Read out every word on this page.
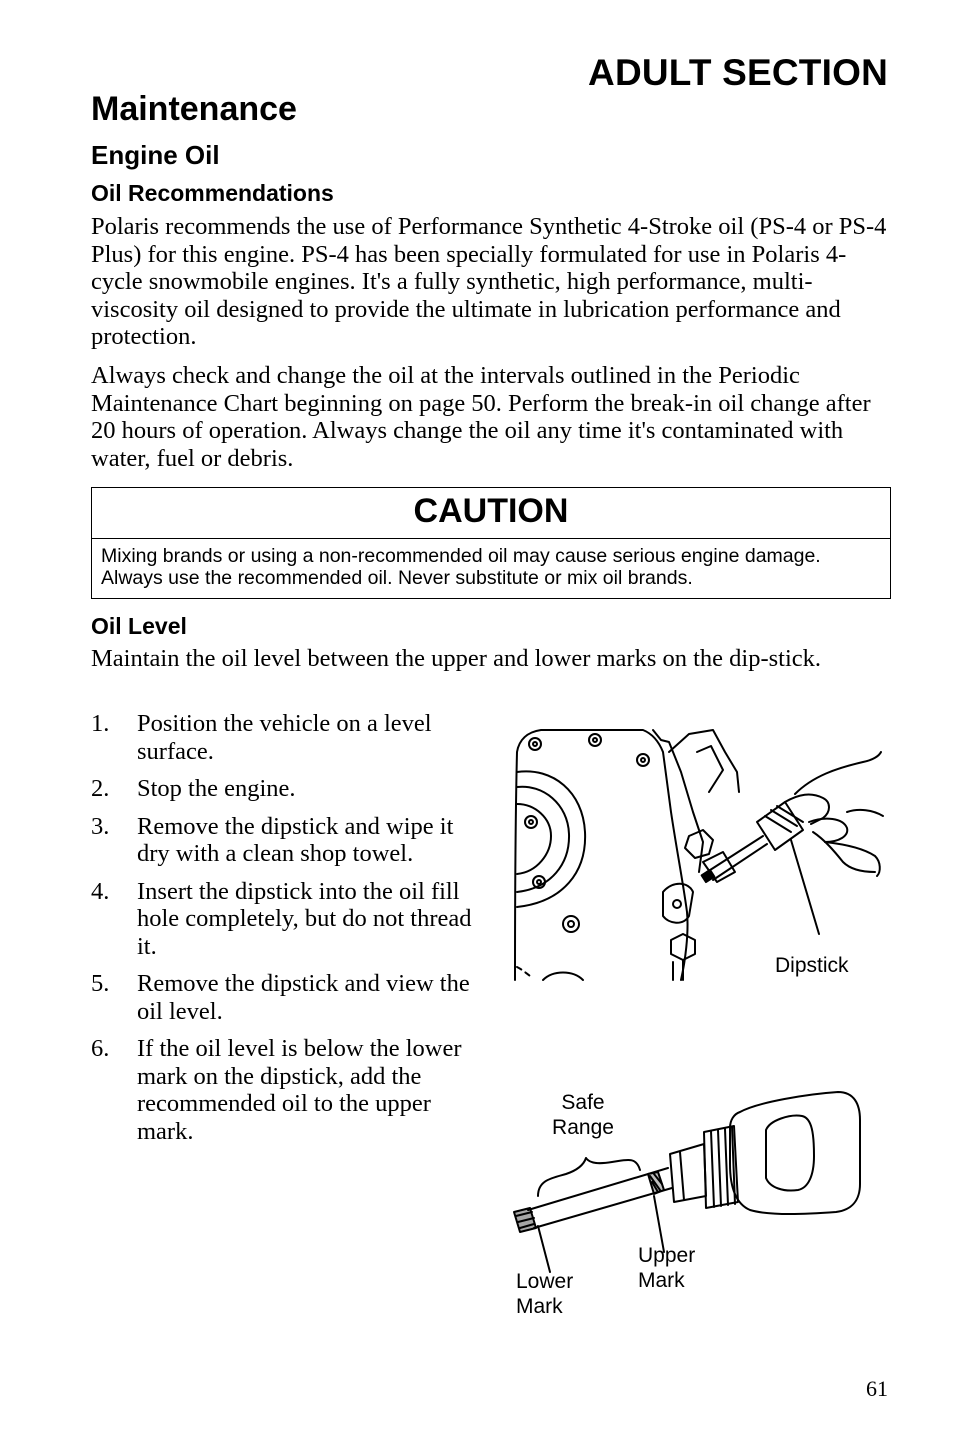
ADULT SECTION
Maintenance
Engine Oil
Oil Recommendations
Polaris recommends the use of Performance Synthetic 4-Stroke oil (PS-4 or PS-4 Plus) for this engine. PS-4 has been specially formulated for use in Polaris 4-cycle snowmobile engines. It's a fully synthetic, high performance, multi-viscosity oil designed to provide the ultimate in lubrication performance and protection.
Always check and change the oil at the intervals outlined in the Periodic Maintenance Chart beginning on page 50. Perform the break-in oil change after 20 hours of operation. Always change the oil any time it's contaminated with water, fuel or debris.
CAUTION
Mixing brands or using a non-recommended oil may cause serious engine damage. Always use the recommended oil. Never substitute or mix oil brands.
Oil Level
Maintain the oil level between the upper and lower marks on the dip-stick.
1. Position the vehicle on a level surface.
2. Stop the engine.
3. Remove the dipstick and wipe it dry with a clean shop towel.
4. Insert the dipstick into the oil fill hole completely, but do not thread it.
5. Remove the dipstick and view the oil level.
6. If the oil level is below the lower mark on the dipstick, add the recommended oil to the upper mark.
Dipstick
Safe
Range
Upper
Mark
Lower
Mark
61
